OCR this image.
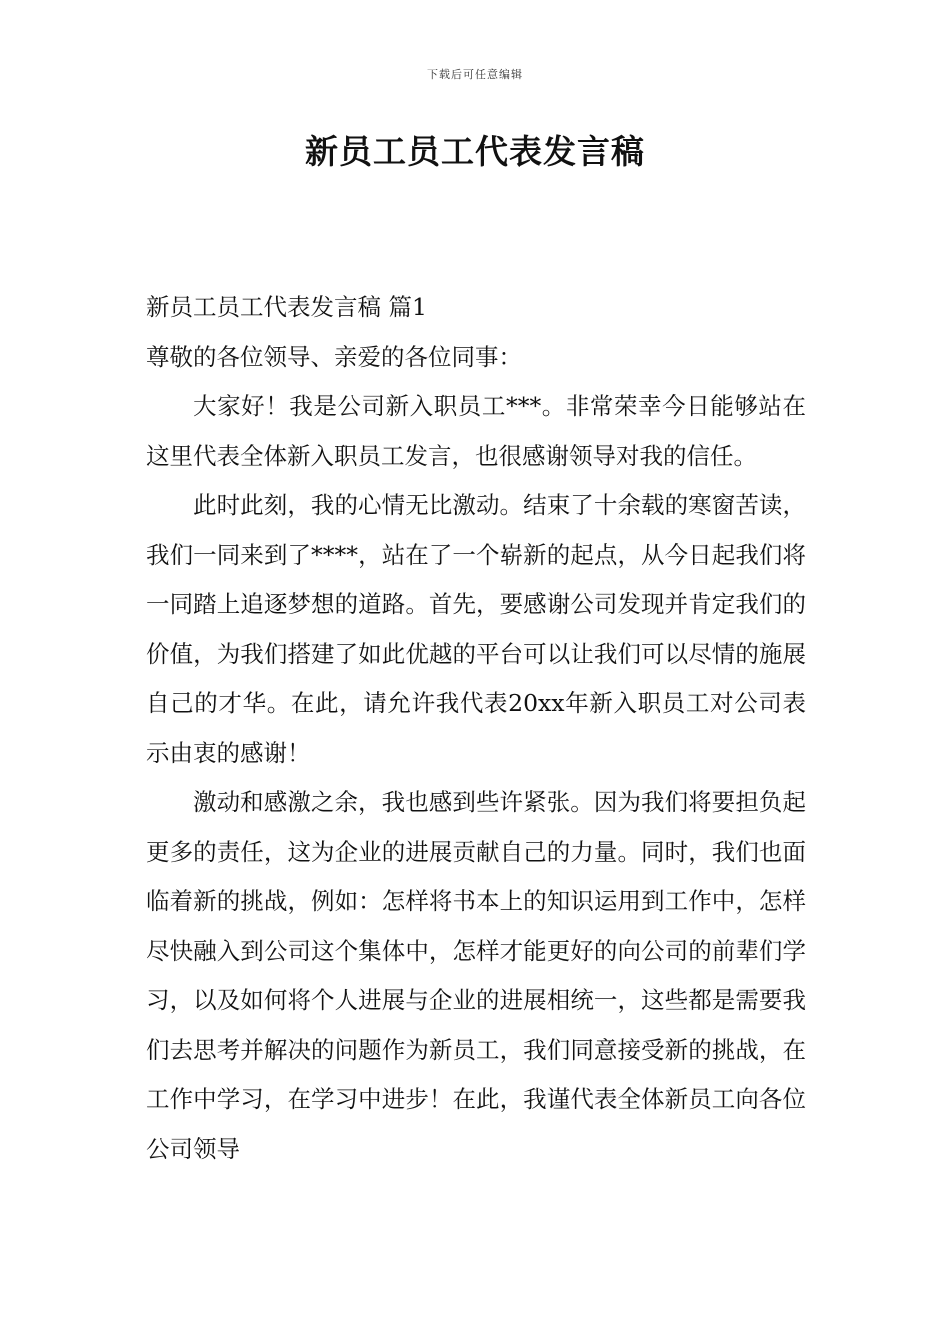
下载后可任意编辑
新员工员工代表发言稿

新员工员工代表发言稿 篇1

尊敬的各位领导、亲爱的各位同事：

大家好！我是公司新入职员工***。非常荣幸今日能够站在这里代表全体新入职员工发言，也很感谢领导对我的信任。

此时此刻，我的心情无比激动。结束了十余载的寒窗苦读，我们一同来到了****，站在了一个崭新的起点，从今日起我们将一同踏上追逐梦想的道路。首先，要感谢公司发现并肯定我们的价值，为我们搭建了如此优越的平台可以让我们可以尽情的施展自己的才华。在此，请允许我代表20xx年新入职员工对公司表示由衷的感谢！

激动和感激之余，我也感到些许紧张。因为我们将要担负起更多的责任，这为企业的进展贡献自己的力量。同时，我们也面临着新的挑战，例如：怎样将书本上的知识运用到工作中，怎样尽快融入到公司这个集体中，怎样才能更好的向公司的前辈们学习，以及如何将个人进展与企业的进展相统一，这些都是需要我们去思考并解决的问题作为新员工，我们同意接受新的挑战，在工作中学习，在学习中进步！在此，我谨代表全体新员工向各位公司领导
